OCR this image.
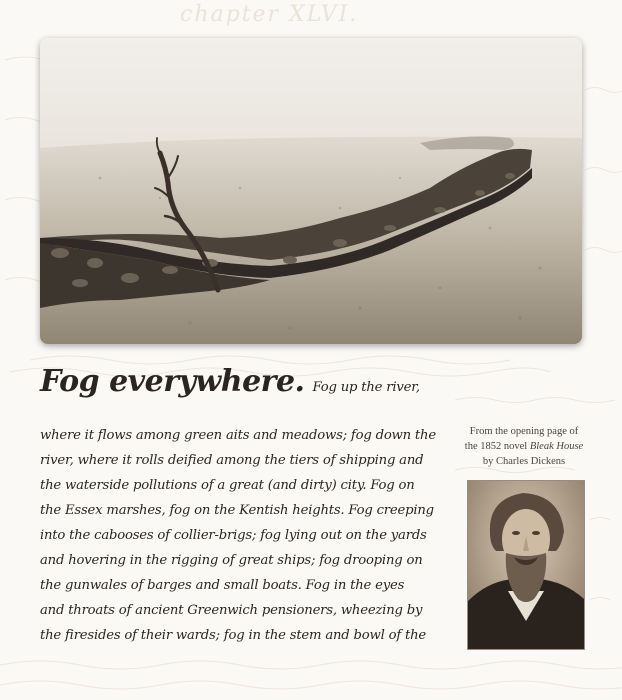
chapter XLVI.
Fog everywhere. Fog up the river,
where it flows among green aits and meadows; fog down the
river, where it rolls deified among the tiers of shipping and
the waterside pollutions of a great (and dirty) city. Fog on
the Essex marshes, fog on the Kentish heights. Fog creeping
into the cabooses of collier-brigs; fog lying out on the yards
and hovering in the rigging of great ships; fog drooping on
the gunwales of barges and small boats. Fog in the eyes
and throats of ancient Greenwich pensioners, wheezing by
the firesides of their wards; fog in the stem and bowl of the
From the opening page of
the 1852 novel Bleak House
by Charles Dickens
